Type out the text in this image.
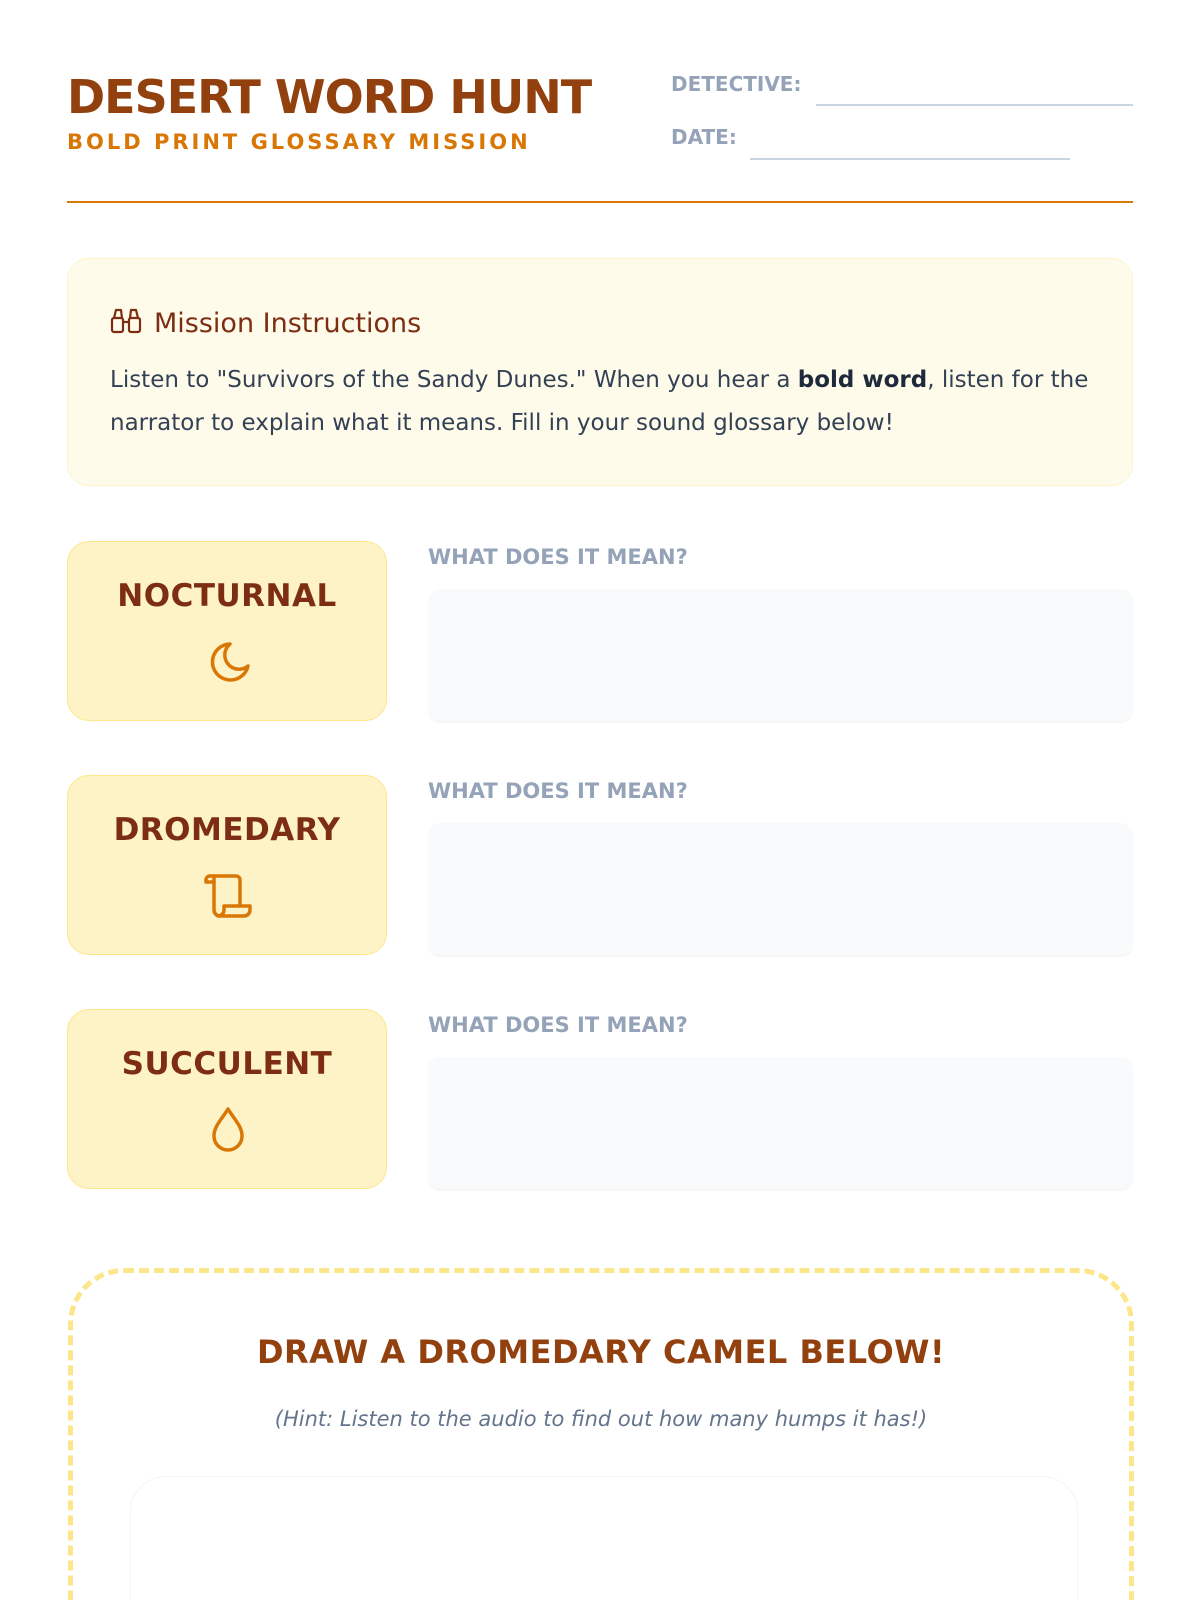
DESERT WORD HUNT
BOLD PRINT GLOSSARY MISSION
DETECTIVE:
DATE:
Mission Instructions

Listen to "Survivors of the Sandy Dunes." When you hear a bold word, listen for the narrator to explain what it means. Fill in your sound glossary below!

NOCTURNAL
WHAT DOES IT MEAN?
DROMEDARY
WHAT DOES IT MEAN?
SUCCULENT
WHAT DOES IT MEAN?
DRAW A DROMEDARY CAMEL BELOW!
(Hint: Listen to the audio to find out how many humps it has!)
